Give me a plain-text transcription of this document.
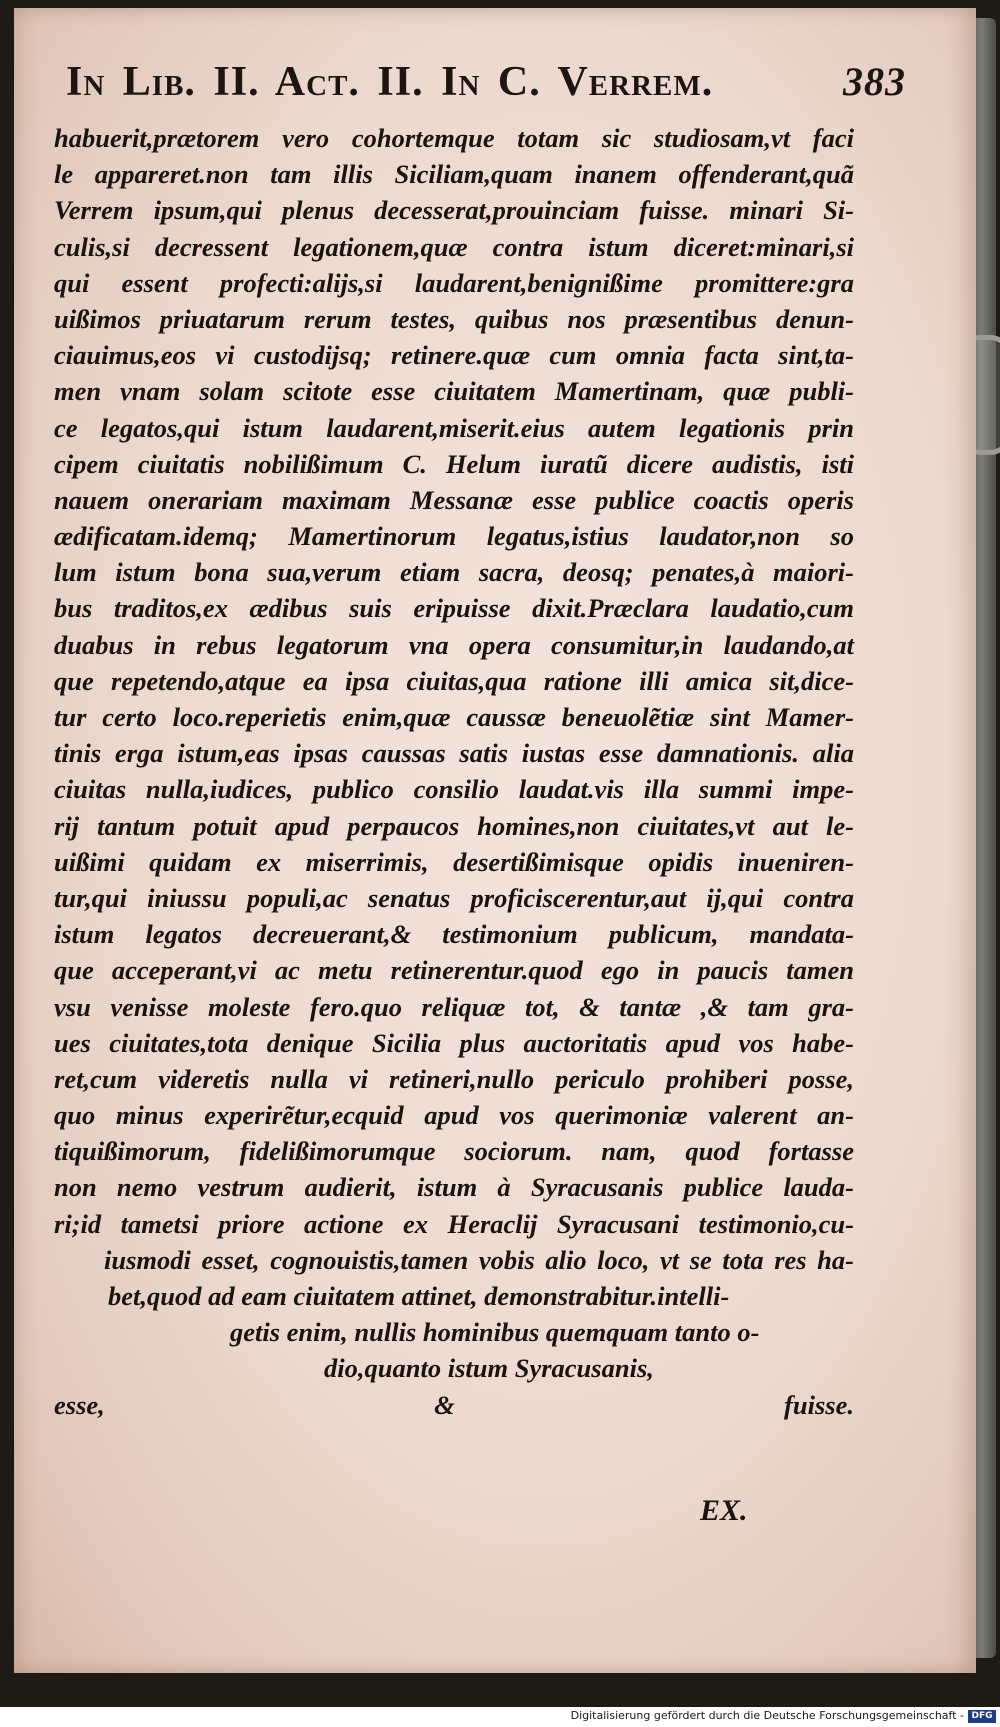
In Lib. II. Act. II. In C. Verrem.	383
habuerit,prætorem vero cohortemque totam sic studiosam,vt faci
le appareret.non tam illis Siciliam,quam inanem offenderant,quã
Verrem ipsum,qui plenus decesserat,prouinciam fuisse. minari Si-
culis,si decressent legationem,quæ contra istum diceret:minari,si
qui essent profecti:alijs,si laudarent,benignißime promittere:gra
uißimos priuatarum rerum testes, quibus nos præsentibus denun-
ciauimus,eos vi custodijsq; retinere.quæ cum omnia facta sint,ta-
men vnam solam scitote esse ciuitatem Mamertinam, quæ publi-
ce legatos,qui istum laudarent,miserit.eius autem legationis prin
cipem ciuitatis nobilißimum C. Helum iuratũ dicere audistis, isti
nauem onerariam maximam Messanæ esse publice coactis operis
ædificatam.idemq; Mamertinorum legatus,istius laudator,non so
lum istum bona sua,verum etiam sacra, deosq; penates,à maiori-
bus traditos,ex ædibus suis eripuisse dixit.Præclara laudatio,cum
duabus in rebus legatorum vna opera consumitur,in laudando,at
que repetendo,atque ea ipsa ciuitas,qua ratione illi amica sit,dice-
tur certo loco.reperietis enim,quæ caussæ beneuolẽtiæ sint Mamer-
tinis erga istum,eas ipsas caussas satis iustas esse damnationis. alia
ciuitas nulla,iudices, publico consilio laudat.vis illa summi impe-
rij tantum potuit apud perpaucos homines,non ciuitates,vt aut le-
uißimi quidam ex miserrimis, desertißimisque opidis inueniren-
tur,qui iniussu populi,ac senatus proficiscerentur,aut ij,qui contra
istum legatos decreuerant,& testimonium publicum, mandata-
que acceperant,vi ac metu retinerentur.quod ego in paucis tamen
vsu venisse moleste fero.quo reliquæ tot, & tantæ ,& tam gra-
ues ciuitates,tota denique Sicilia plus auctoritatis apud vos habe-
ret,cum videretis nulla vi retineri,nullo periculo prohiberi posse,
quo minus experirẽtur,ecquid apud vos querimoniæ valerent an-
tiquißimorum, fidelißimorumque sociorum. nam, quod fortasse
non nemo vestrum audierit, istum à Syracusanis publice lauda-
ri;id tametsi priore actione ex Heraclij Syracusani testimonio,cu-
iusmodi esset, cognouistis,tamen vobis alio loco, vt se tota res ha-
bet,quod ad eam ciuitatem attinet, demonstrabitur.intelli-
getis enim, nullis hominibus quemquam tanto o-
dio,quanto istum Syracusanis,
esse, & fuisse.
EX.
Digitalisierung gefördert durch die Deutsche Forschungsgemeinschaft - DFG
